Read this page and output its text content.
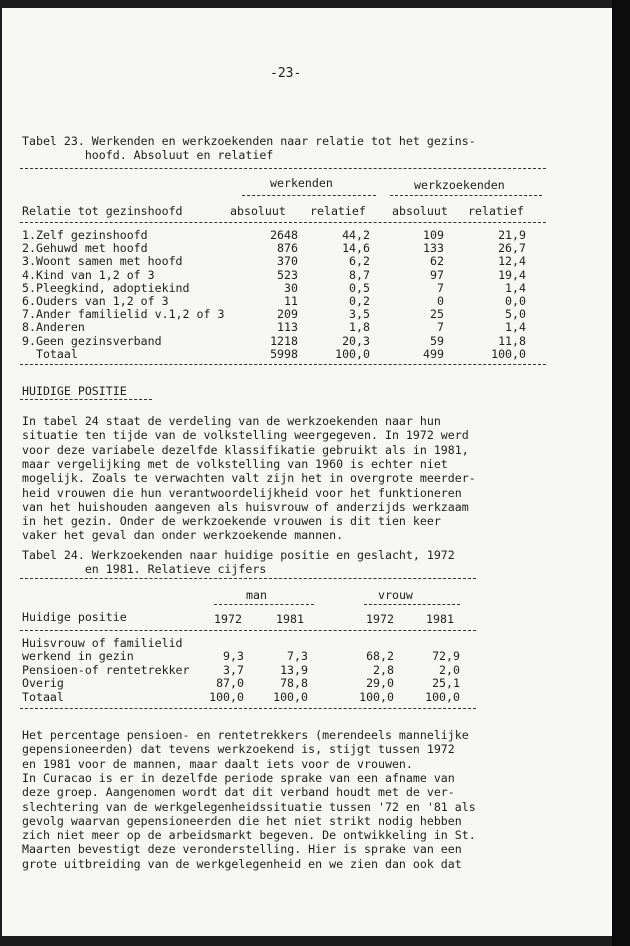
-23-
Tabel 23. Werkenden en werkzoekenden naar relatie tot het gezins-
hoofd. Absoluut en relatief
werkenden	werkzoekenden
Relatie tot gezinshoofd	absoluut relatief absoluut relatief
1.Zelf gezinshoofd	2648	44,2	109	21,9
2.Gehuwd met hoofd	876	14,6	133	26,7
3.Woont samen met hoofd	370	6,2	62	12,4
4.Kind van 1,2 of 3	523	8,7	97	19,4
5.Pleegkind, adoptiekind	30	0,5	7	1,4
6.Ouders van 1,2 of 3	11	0,2	0	0,0
7.Ander familielid v.1,2 of 3	209	3,5	25	5,0
8.Anderen	113	1,8	7	1,4
9.Geen gezinsverband	1218	20,3	59	11,8
Totaal	5998	100,0	499	100,0
HUIDIGE POSITIE
In tabel 24 staat de verdeling van de werkzoekenden naar hun
situatie ten tijde van de volkstelling weergegeven. In 1972 werd
voor deze variabele dezelfde klassifikatie gebruikt als in 1981,
maar vergelijking met de volkstelling van 1960 is echter niet
mogelijk. Zoals te verwachten valt zijn het in overgrote meerder-
heid vrouwen die hun verantwoordelijkheid voor het funktioneren
van het huishouden aangeven als huisvrouw of anderzijds werkzaam
in het gezin. Onder de werkzoekende vrouwen is dit tien keer
vaker het geval dan onder werkzoekende mannen.
Tabel 24. Werkzoekenden naar huidige positie en geslacht, 1972
en 1981. Relatieve cijfers
man	vrouw
Huidige positie	1972	1981	1972	1981
Huisvrouw of familielid
werkend in gezin	9,3	7,3	68,2	72,9
Pensioen-of rentetrekker	3,7	13,9	2,8	2,0
Overig	87,0	78,8	29,0	25,1
Totaal	100,0	100,0	100,0	100,0
Het percentage pensioen- en rentetrekkers (merendeels mannelijke
gepensioneerden) dat tevens werkzoekend is, stijgt tussen 1972
en 1981 voor de mannen, maar daalt iets voor de vrouwen.
In Curacao is er in dezelfde periode sprake van een afname van
deze groep. Aangenomen wordt dat dit verband houdt met de ver-
slechtering van de werkgelegenheidssituatie tussen '72 en '81 als
gevolg waarvan gepensioneerden die het niet strikt nodig hebben
zich niet meer op de arbeidsmarkt begeven. De ontwikkeling in St.
Maarten bevestigt deze veronderstelling. Hier is sprake van een
grote uitbreiding van de werkgelegenheid en we zien dan ook dat
